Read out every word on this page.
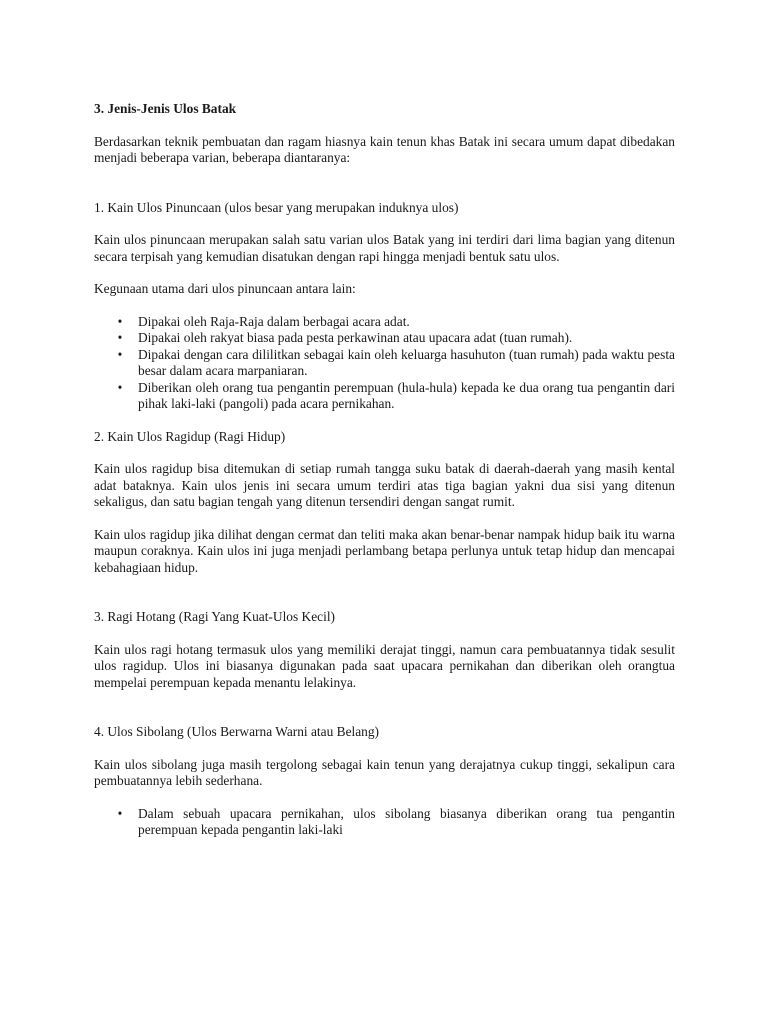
3. Jenis-Jenis Ulos Batak

Berdasarkan teknik pembuatan dan ragam hiasnya kain tenun khas Batak ini secara umum dapat dibedakan menjadi beberapa varian, beberapa diantaranya:

1. Kain Ulos Pinuncaan (ulos besar yang merupakan induknya ulos)

Kain ulos pinuncaan merupakan salah satu varian ulos Batak yang ini terdiri dari lima bagian yang ditenun secara terpisah yang kemudian disatukan dengan rapi hingga menjadi bentuk satu ulos.

Kegunaan utama dari ulos pinuncaan antara lain:

• Dipakai oleh Raja-Raja dalam berbagai acara adat.
• Dipakai oleh rakyat biasa pada pesta perkawinan atau upacara adat (tuan rumah).
• Dipakai dengan cara dililitkan sebagai kain oleh keluarga hasuhuton (tuan rumah) pada waktu pesta besar dalam acara marpaniaran.
• Diberikan oleh orang tua pengantin perempuan (hula-hula) kepada ke dua orang tua pengantin dari pihak laki-laki (pangoli) pada acara pernikahan.

2. Kain Ulos Ragidup (Ragi Hidup)

Kain ulos ragidup bisa ditemukan di setiap rumah tangga suku batak di daerah-daerah yang masih kental adat bataknya. Kain ulos jenis ini secara umum terdiri atas tiga bagian yakni dua sisi yang ditenun sekaligus, dan satu bagian tengah yang ditenun tersendiri dengan sangat rumit.

Kain ulos ragidup jika dilihat dengan cermat dan teliti maka akan benar-benar nampak hidup baik itu warna maupun coraknya. Kain ulos ini juga menjadi perlambang betapa perlunya untuk tetap hidup dan mencapai kebahagiaan hidup.

3. Ragi Hotang (Ragi Yang Kuat-Ulos Kecil)

Kain ulos ragi hotang termasuk ulos yang memiliki derajat tinggi, namun cara pembuatannya tidak sesulit ulos ragidup. Ulos ini biasanya digunakan pada saat upacara pernikahan dan diberikan oleh orangtua mempelai perempuan kepada menantu lelakinya.

4. Ulos Sibolang (Ulos Berwarna Warni atau Belang)

Kain ulos sibolang juga masih tergolong sebagai kain tenun yang derajatnya cukup tinggi, sekalipun cara pembuatannya lebih sederhana.

• Dalam sebuah upacara pernikahan, ulos sibolang biasanya diberikan orang tua pengantin perempuan kepada pengantin laki-laki
